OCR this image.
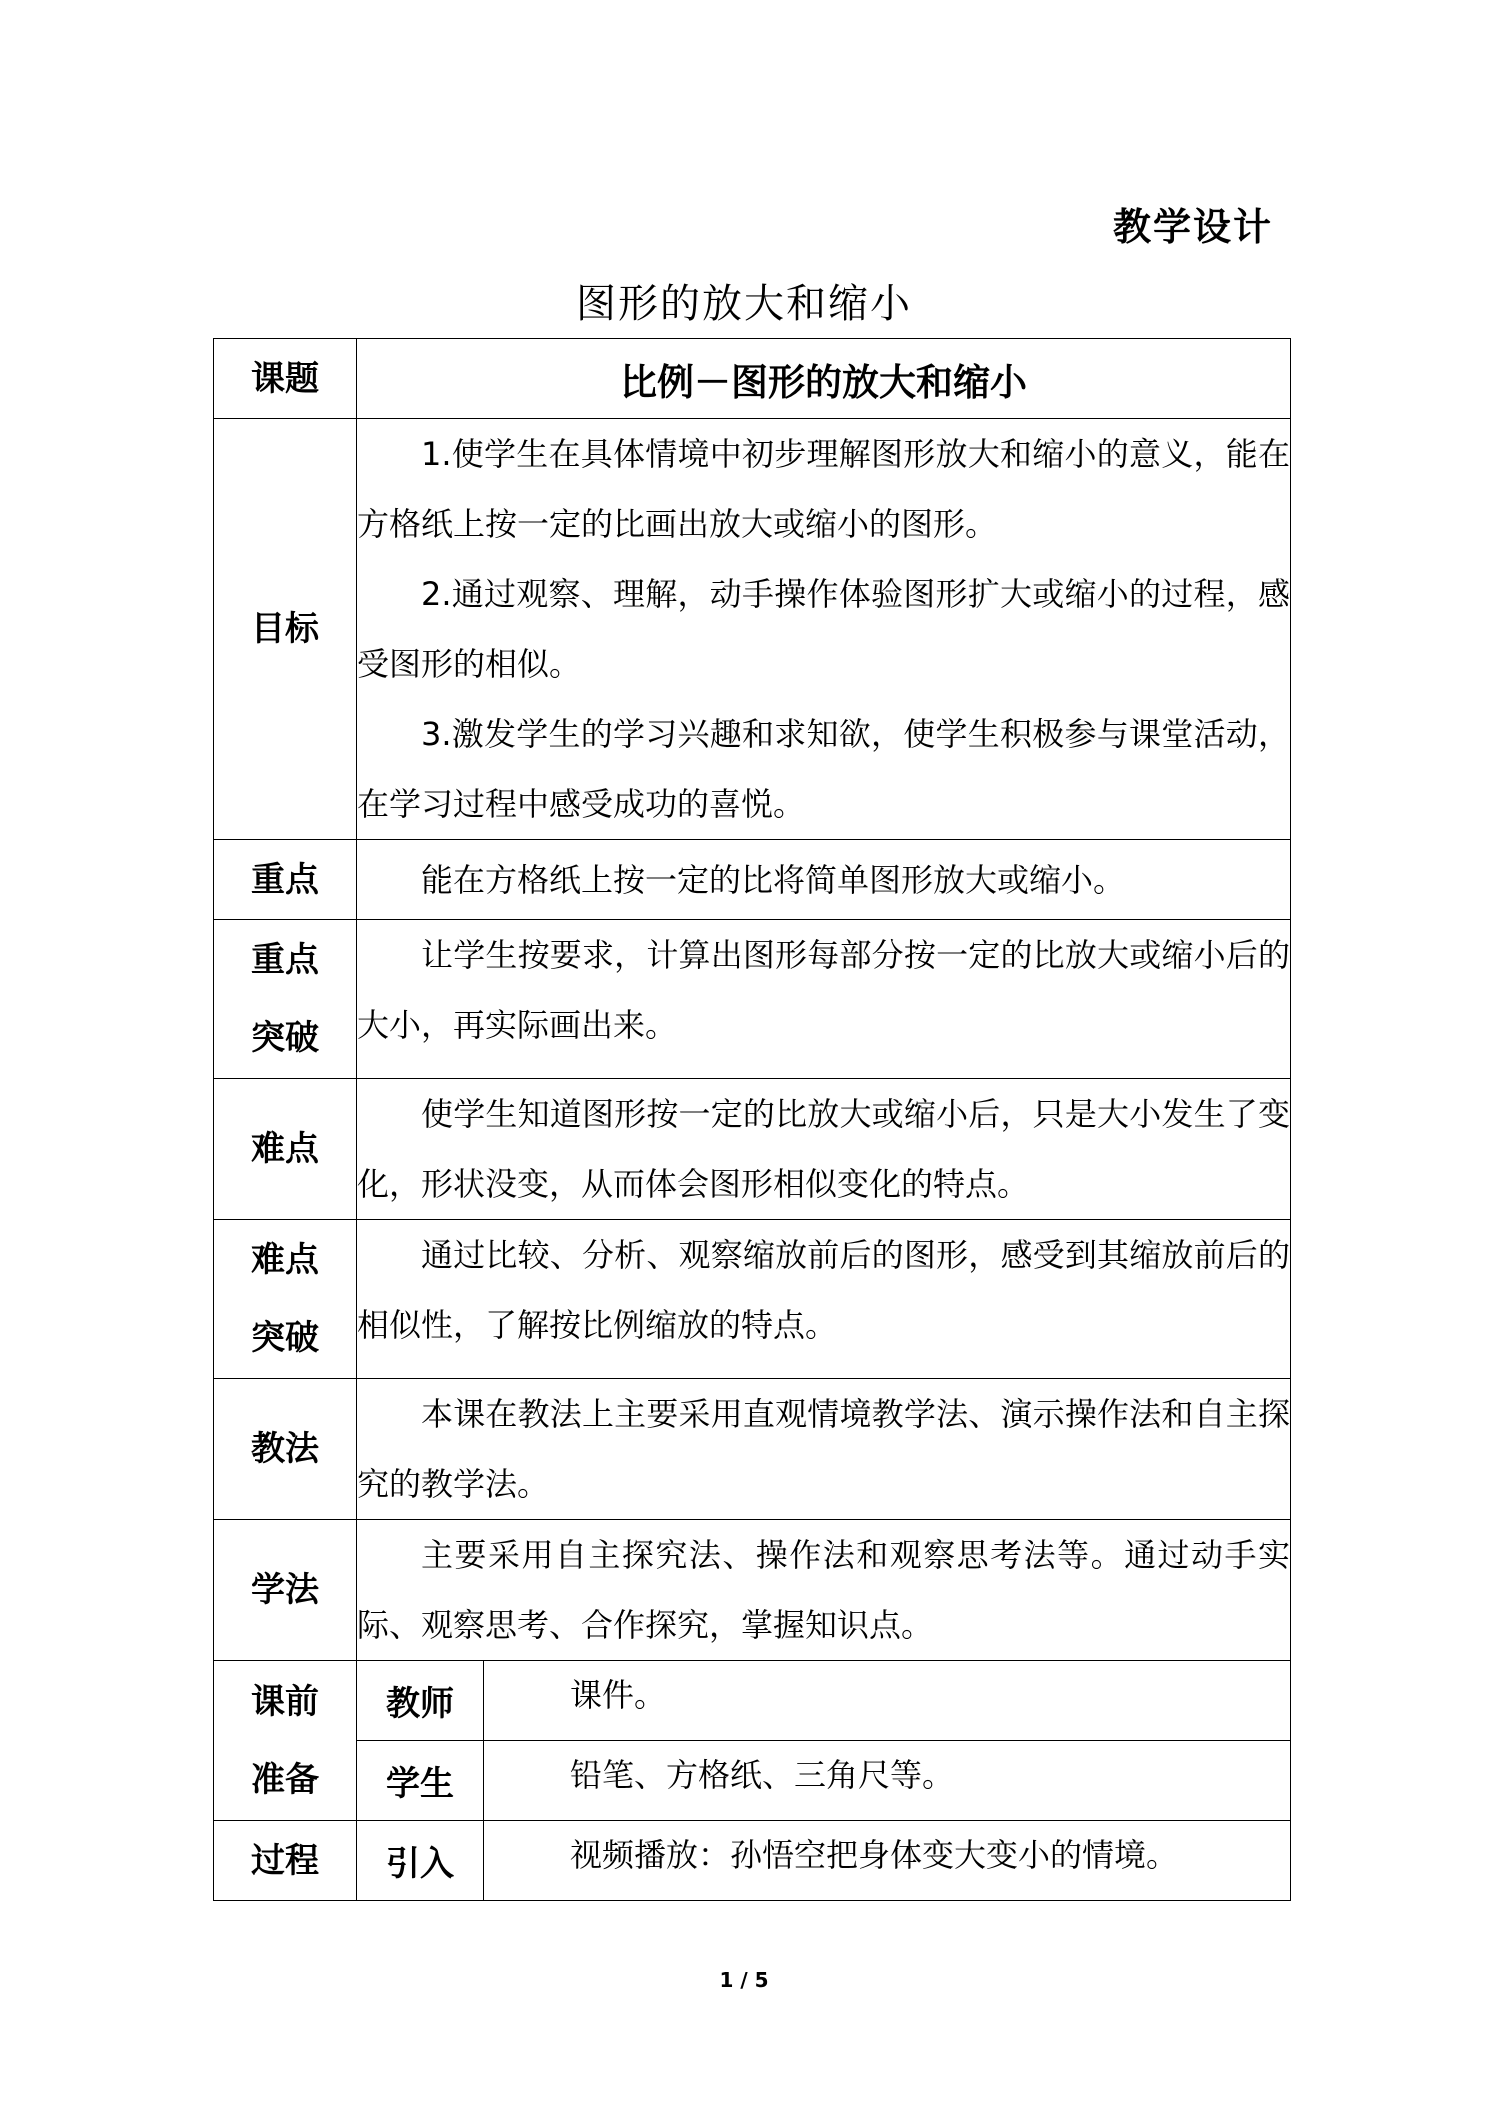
教学设计
图形的放大和缩小
课题	比例－图形的放大和缩小	
目标	1.使学生在具体情境中初步理解图形放大和缩小的意义，能在方格纸上按一定的比画出放大或缩小的图形。

2.通过观察、理解，动手操作体验图形扩大或缩小的过程，感受图形的相似。

3.激发学生的学习兴趣和求知欲，使学生积极参与课堂活动，在学习过程中感受成功的喜悦。	

重点	能在方格纸上按一定的比将简单图形放大或缩小。	

重点
突破	让学生按要求，计算出图形每部分按一定的比放大或缩小后的大小，再实际画出来。	

难点	使学生知道图形按一定的比放大或缩小后，只是大小发生了变化，形状没变，从而体会图形相似变化的特点。	

难点
突破	通过比较、分析、观察缩放前后的图形，感受到其缩放前后的相似性，了解按比例缩放的特点。	

教法	本课在教法上主要采用直观情境教学法、演示操作法和自主探究的教学法。	

学法	主要采用自主探究法、操作法和观察思考法等。通过动手实际、观察思考、合作探究，掌握知识点。	

课前
准备	教师	课件。
	学生	铅笔、方格纸、三角尺等。
过程	引入	视频播放：孙悟空把身体变大变小的情境。
1 / 5
